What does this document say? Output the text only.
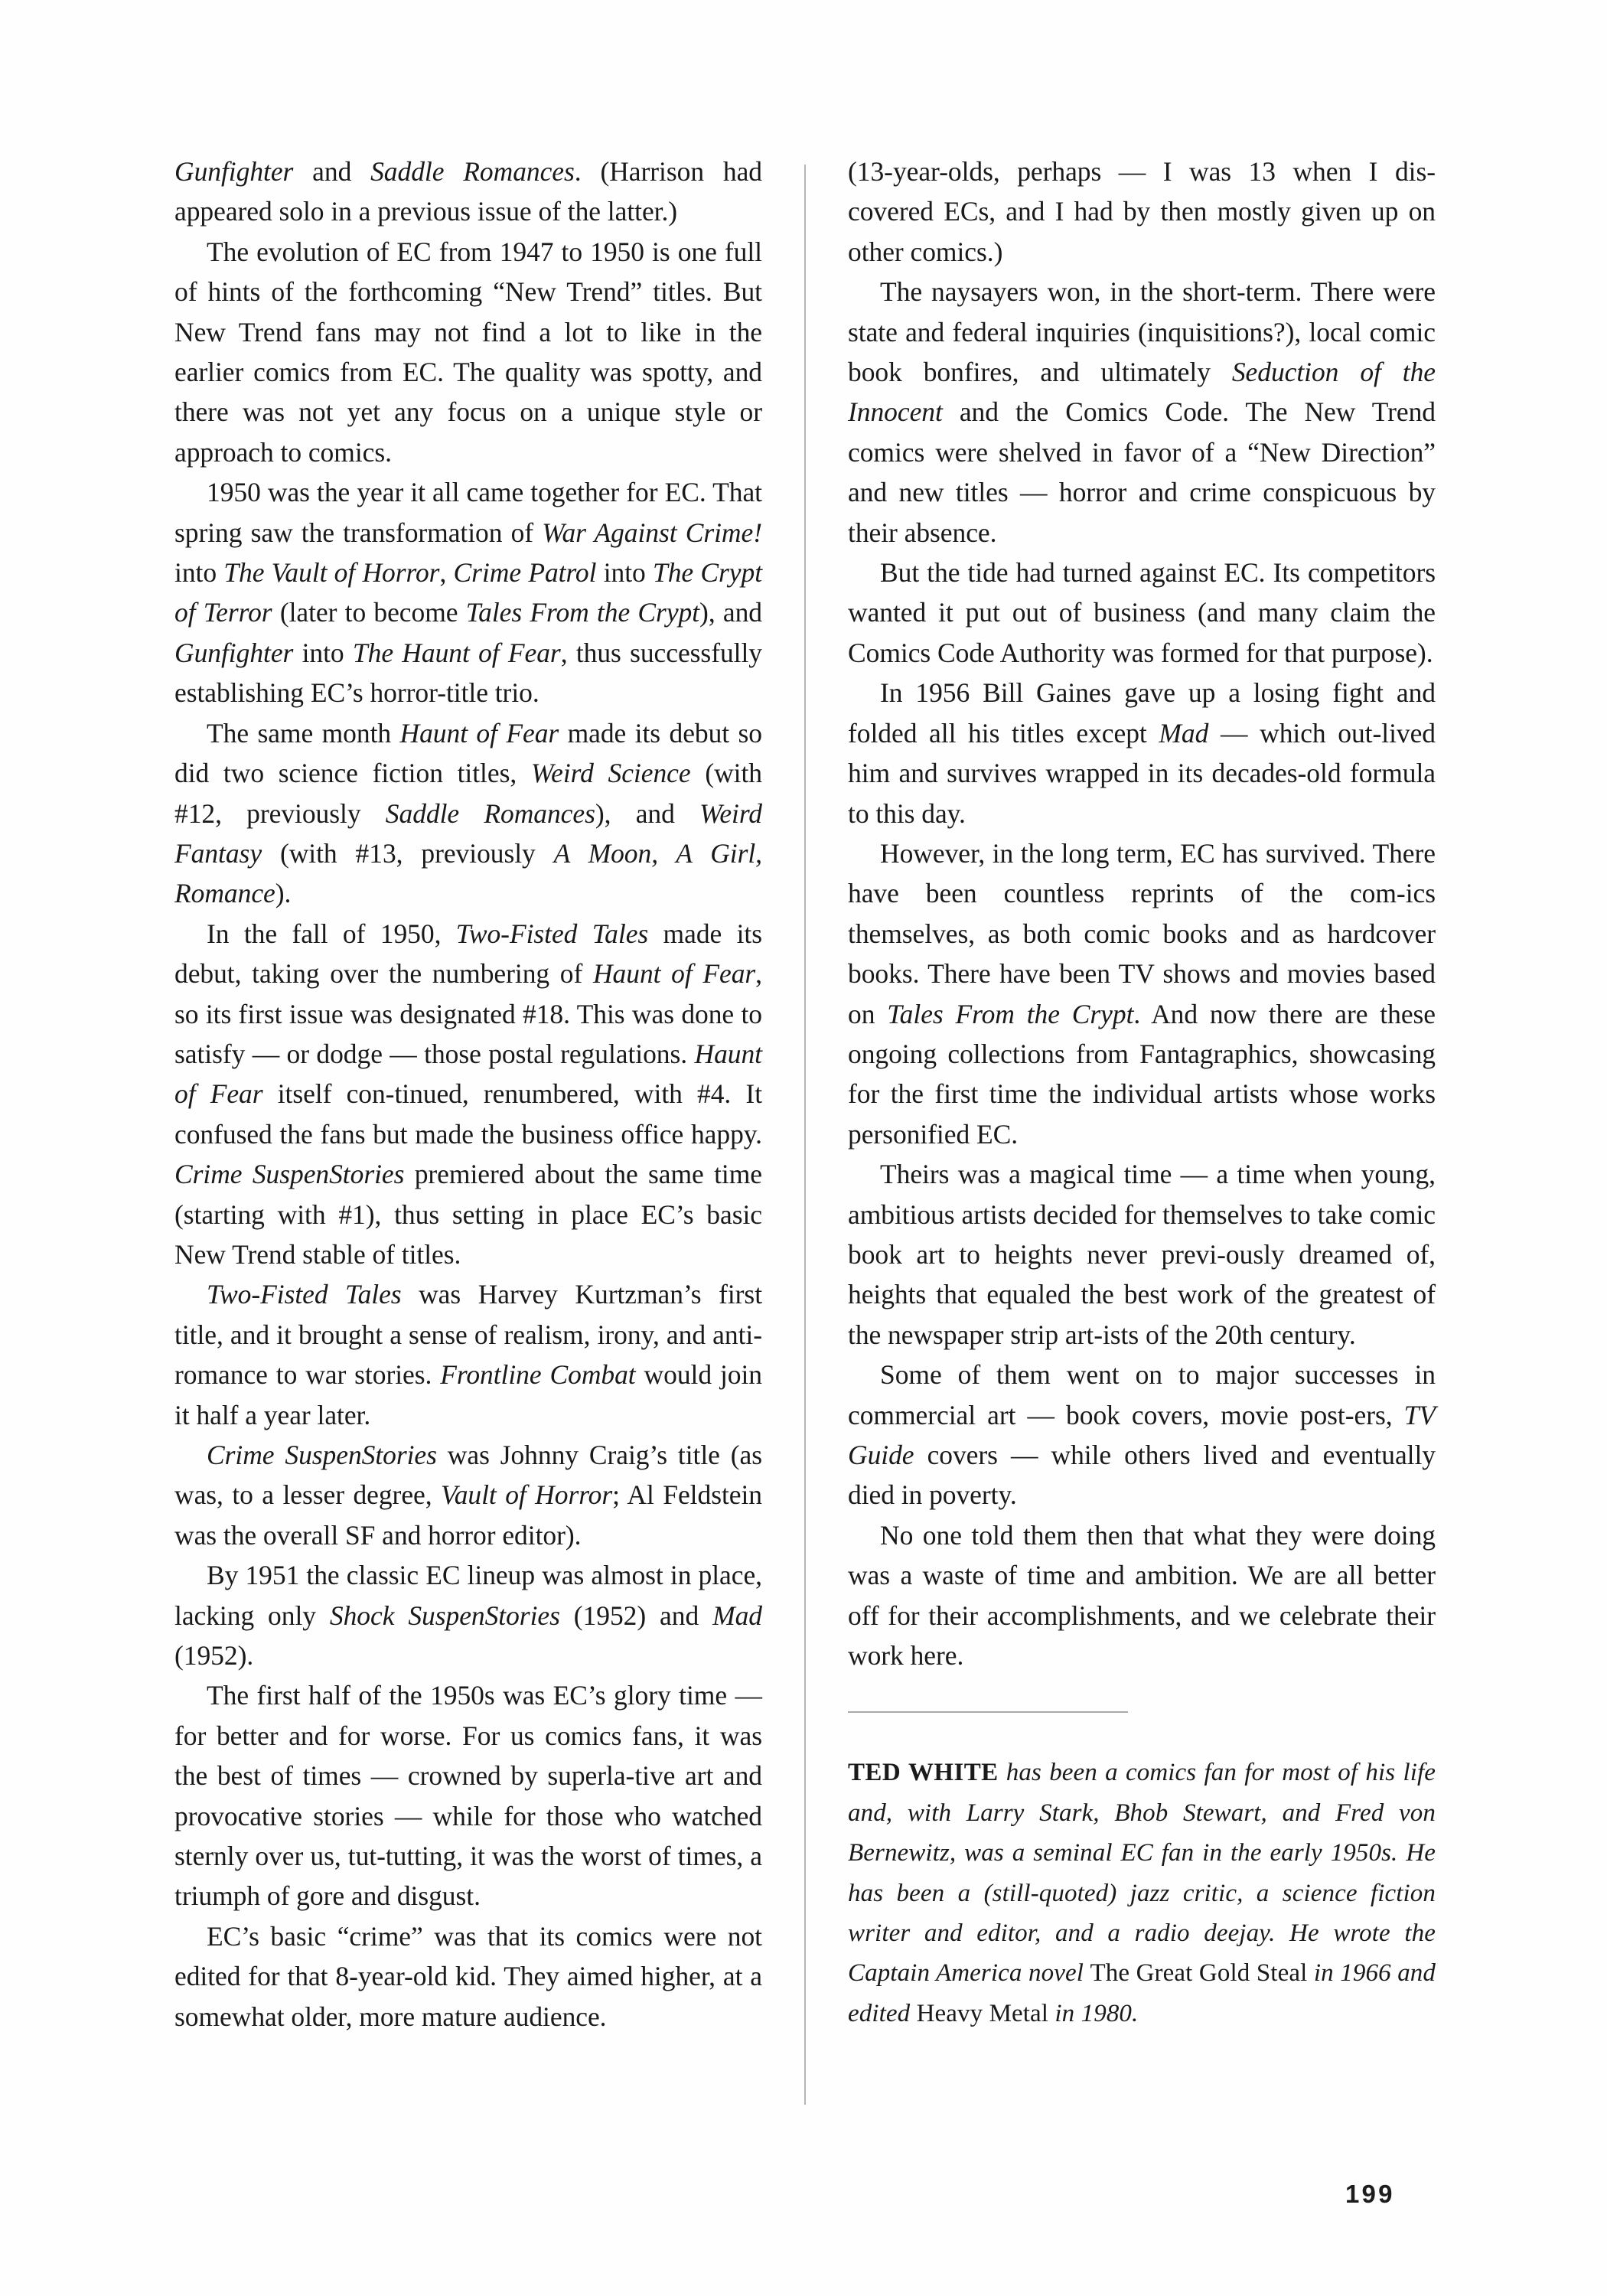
Gunfighter and Saddle Romances. (Harrison had appeared solo in a previous issue of the latter.)

The evolution of EC from 1947 to 1950 is one full of hints of the forthcoming “New Trend” titles. But New Trend fans may not find a lot to like in the earlier comics from EC. The quality was spotty, and there was not yet any focus on a unique style or approach to comics.

1950 was the year it all came together for EC. That spring saw the transformation of War Against Crime! into The Vault of Horror, Crime Patrol into The Crypt of Terror (later to become Tales From the Crypt), and Gunfighter into The Haunt of Fear, thus successfully establishing EC’s horror-title trio.

The same month Haunt of Fear made its debut so did two science fiction titles, Weird Science (with #12, previously Saddle Romances), and Weird Fantasy (with #13, previously A Moon, A Girl, Romance).

In the fall of 1950, Two-Fisted Tales made its debut, taking over the numbering of Haunt of Fear, so its first issue was designated #18. This was done to satisfy — or dodge — those postal regulations. Haunt of Fear itself con-tinued, renumbered, with #4. It confused the fans but made the business office happy. Crime SuspenStories premiered about the same time (starting with #1), thus setting in place EC’s basic New Trend stable of titles.

Two-Fisted Tales was Harvey Kurtzman’s first title, and it brought a sense of realism, irony, and anti-romance to war stories. Frontline Combat would join it half a year later.

Crime SuspenStories was Johnny Craig’s title (as was, to a lesser degree, Vault of Horror; Al Feldstein was the overall SF and horror editor).

By 1951 the classic EC lineup was almost in place, lacking only Shock SuspenStories (1952) and Mad (1952).

The first half of the 1950s was EC’s glory time — for better and for worse. For us comics fans, it was the best of times — crowned by superla-tive art and provocative stories — while for those who watched sternly over us, tut-tutting, it was the worst of times, a triumph of gore and disgust.

EC’s basic “crime” was that its comics were not edited for that 8-year-old kid. They aimed higher, at a somewhat older, more mature audience.

(13-year-olds, perhaps — I was 13 when I dis-covered ECs, and I had by then mostly given up on other comics.)

The naysayers won, in the short-term. There were state and federal inquiries (inquisitions?), local comic book bonfires, and ultimately Seduction of the Innocent and the Comics Code. The New Trend comics were shelved in favor of a “New Direction” and new titles — horror and crime conspicuous by their absence.

But the tide had turned against EC. Its competitors wanted it put out of business (and many claim the Comics Code Authority was formed for that purpose).

In 1956 Bill Gaines gave up a losing fight and folded all his titles except Mad — which out-lived him and survives wrapped in its decades-old formula to this day.

However, in the long term, EC has survived. There have been countless reprints of the com-ics themselves, as both comic books and as hardcover books. There have been TV shows and movies based on Tales From the Crypt. And now there are these ongoing collections from Fantagraphics, showcasing for the first time the individual artists whose works personified EC.

Theirs was a magical time — a time when young, ambitious artists decided for themselves to take comic book art to heights never previ-ously dreamed of, heights that equaled the best work of the greatest of the newspaper strip art-ists of the 20th century.

Some of them went on to major successes in commercial art — book covers, movie post-ers, TV Guide covers — while others lived and eventually died in poverty.

No one told them then that what they were doing was a waste of time and ambition. We are all better off for their accomplishments, and we celebrate their work here.

TED WHITE has been a comics fan for most of his life and, with Larry Stark, Bhob Stewart, and Fred von Bernewitz, was a seminal EC fan in the early 1950s. He has been a (still-quoted) jazz critic, a science fiction writer and editor, and a radio deejay. He wrote the Captain America novel The Great Gold Steal in 1966 and edited Heavy Metal in 1980.

199
